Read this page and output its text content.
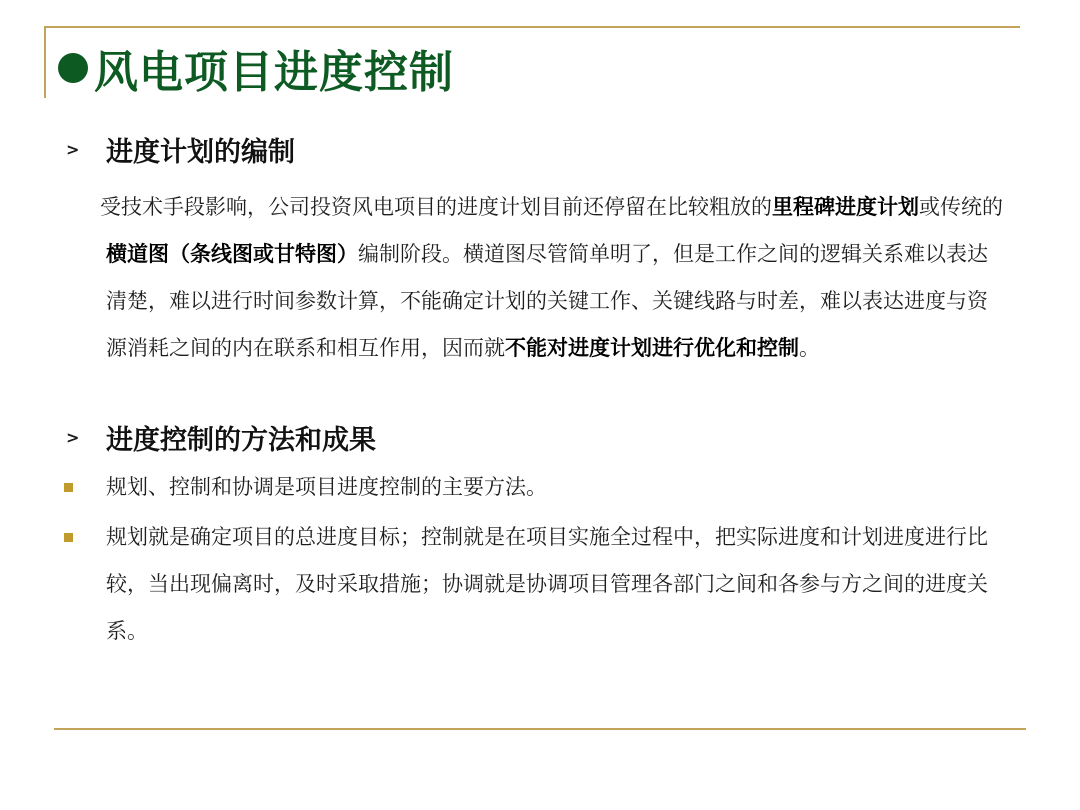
风电项目进度控制
> 进度计划的编制
受技术手段影响，公司投资风电项目的进度计划目前还停留在比较粗放的里程碑进度计划或传统的横道图（条线图或甘特图）编制阶段。横道图尽管简单明了，但是工作之间的逻辑关系难以表达清楚，难以进行时间参数计算，不能确定计划的关键工作、关键线路与时差，难以表达进度与资源消耗之间的内在联系和相互作用，因而就不能对进度计划进行优化和控制。
> 进度控制的方法和成果
规划、控制和协调是项目进度控制的主要方法。
规划就是确定项目的总进度目标；控制就是在项目实施全过程中，把实际进度和计划进度进行比较，当出现偏离时，及时采取措施；协调就是协调项目管理各部门之间和各参与方之间的进度关系。
